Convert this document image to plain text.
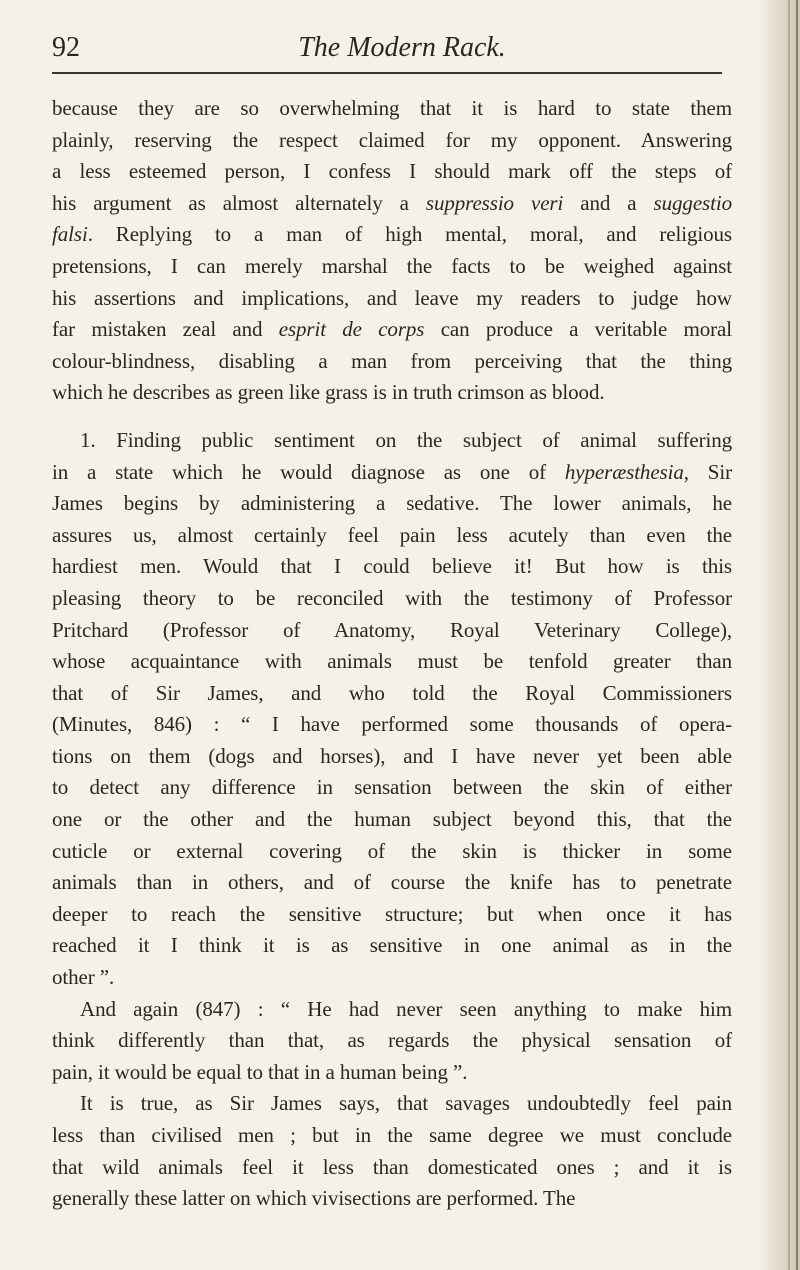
92	The Modern Rack.
because they are so overwhelming that it is hard to state them
plainly, reserving the respect claimed for my opponent. Answering
a less esteemed person, I confess I should mark off the steps of
his argument as almost alternately a suppressio veri and a suggestio
falsi. Replying to a man of high mental, moral, and religious
pretensions, I can merely marshal the facts to be weighed against
his assertions and implications, and leave my readers to judge how
far mistaken zeal and esprit de corps can produce a veritable moral
colour-blindness, disabling a man from perceiving that the thing
which he describes as green like grass is in truth crimson as blood.
1. Finding public sentiment on the subject of animal suffering
in a state which he would diagnose as one of hyperæsthesia, Sir
James begins by administering a sedative. The lower animals, he
assures us, almost certainly feel pain less acutely than even the
hardiest men. Would that I could believe it! But how is this
pleasing theory to be reconciled with the testimony of Professor
Pritchard (Professor of Anatomy, Royal Veterinary College),
whose acquaintance with animals must be tenfold greater than
that of Sir James, and who told the Royal Commissioners
(Minutes, 846) : “ I have performed some thousands of opera-
tions on them (dogs and horses), and I have never yet been able
to detect any difference in sensation between the skin of either
one or the other and the human subject beyond this, that the
cuticle or external covering of the skin is thicker in some
animals than in others, and of course the knife has to penetrate
deeper to reach the sensitive structure; but when once it has
reached it I think it is as sensitive in one animal as in the
other ”.
And again (847) : “ He had never seen anything to make him
think differently than that, as regards the physical sensation of
pain, it would be equal to that in a human being ”.
It is true, as Sir James says, that savages undoubtedly feel pain
less than civilised men ; but in the same degree we must conclude
that wild animals feel it less than domesticated ones ; and it is
generally these latter on which vivisections are performed. The
